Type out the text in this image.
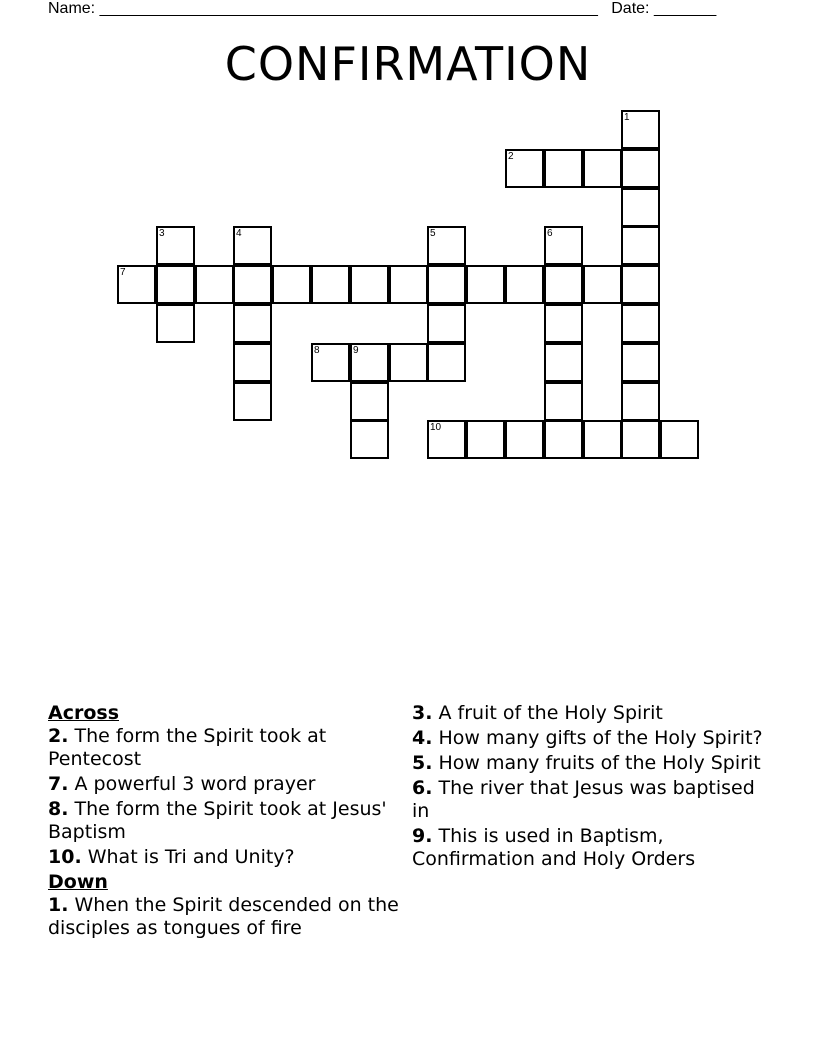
Name: ________________________________________________________ Date: _______
CONFIRMATION
1
2
3	4	5	6
7
8	9
10
Across
2. The form the Spirit took at Pentecost
7. A powerful 3 word prayer
8. The form the Spirit took at Jesus' Baptism
10. What is Tri and Unity?
Down
1. When the Spirit descended on the disciples as tongues of fire
3. A fruit of the Holy Spirit
4. How many gifts of the Holy Spirit?
5. How many fruits of the Holy Spirit
6. The river that Jesus was baptised in
9. This is used in Baptism, Confirmation and Holy Orders
